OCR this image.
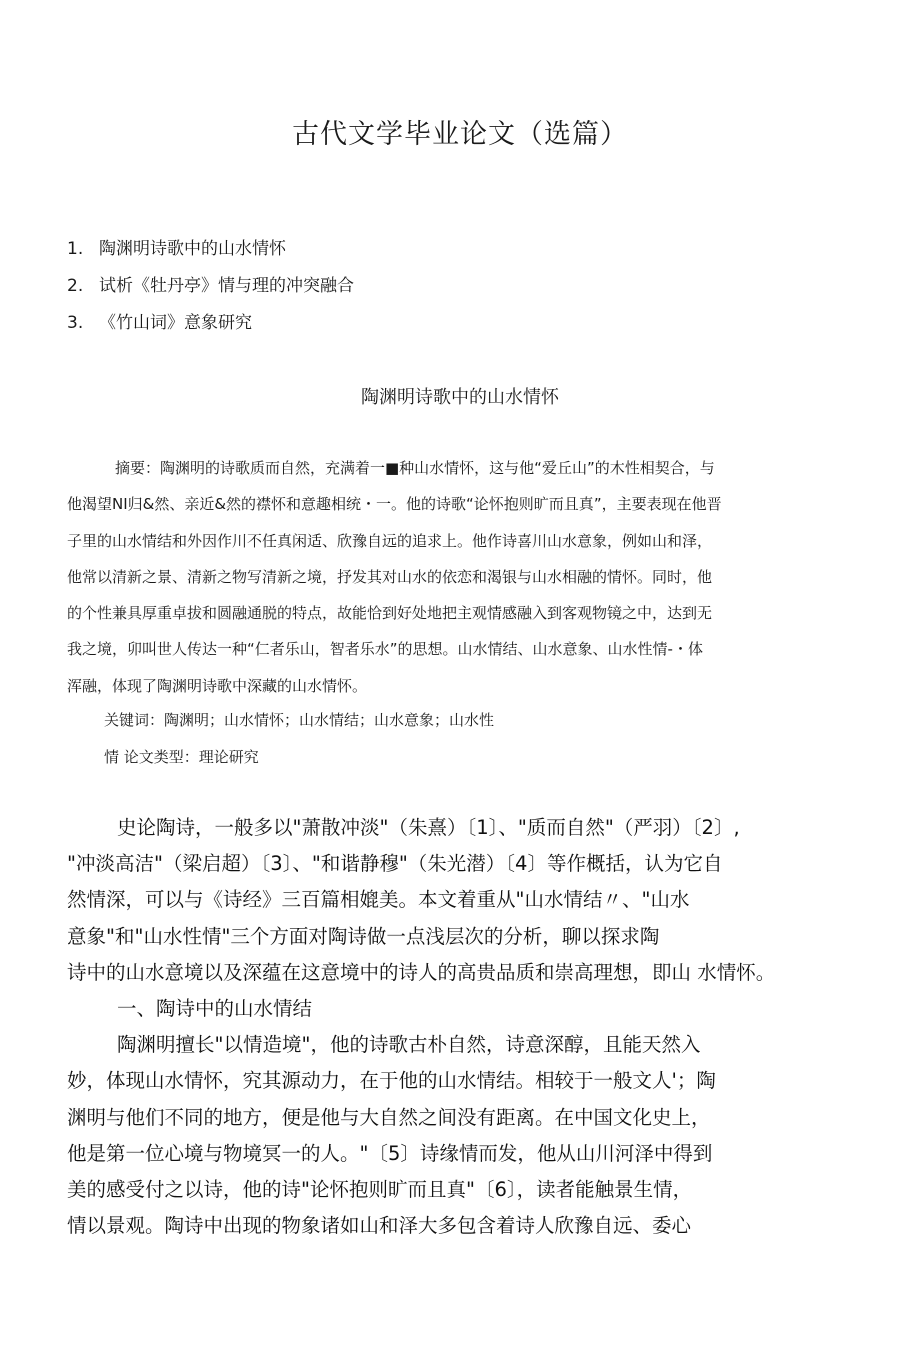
古代文学毕业论文（选篇）
1. 陶渊明诗歌中的山水情怀
2. 试析《牡丹亭》情与理的冲突融合
3. 《竹山词》意象研究
陶渊明诗歌中的山水情怀
摘要：陶渊明的诗歌质而自然，充满着一■种山水情怀，这与他“爱丘山”的木性相契合，与
他渴望NI归&然、亲近&然的襟怀和意趣相统・一。他的诗歌“论怀抱则旷而且真”，主要表现在他晋
子里的山水情结和外因作川不任真闲适、欣豫自远的追求上。他作诗喜川山水意象，例如山和泽，
他常以清新之景、清新之物写清新之境，抒发其对山水的依恋和渴银与山水相融的情怀。同时，他
的个性兼具厚重卓拔和圆融通脱的特点，故能恰到好处地把主观情感融入到客观物镜之中，达到无
我之境，卯叫世人传达一种“仁者乐山，智者乐水”的思想。山水情结、山水意象、山水性情-・体
浑融，体现了陶渊明诗歌中深藏的山水情怀。
关键词：陶渊明；山水情怀；山水情结；山水意象；山水性
情 论文类型：理论研究
史论陶诗，一般多以"萧散冲淡"（朱熹）〔1〕、"质而自然"（严羽）〔2〕,
"冲淡高洁"（梁启超）〔3〕、"和谐静穆"（朱光潜）〔4〕等作概括，认为它自
然情深，可以与《诗经》三百篇相媲美。本文着重从"山水情结〃、"山水
意象"和"山水性情"三个方面对陶诗做一点浅层次的分析，聊以探求陶
诗中的山水意境以及深蕴在这意境中的诗人的高贵品质和崇高理想，即山 水情怀。
一、陶诗中的山水情结
陶渊明擅长"以情造境"，他的诗歌古朴自然，诗意深醇，且能天然入
妙，体现山水情怀，究其源动力，在于他的山水情结。相较于一般文人'；陶
渊明与他们不同的地方，便是他与大自然之间没有距离。在中国文化史上，
他是第一位心境与物境冥一的人。"〔5〕诗缘情而发，他从山川河泽中得到
美的感受付之以诗，他的诗"论怀抱则旷而且真"〔6〕，读者能触景生情，
情以景观。陶诗中出现的物象诸如山和泽大多包含着诗人欣豫自远、委心
